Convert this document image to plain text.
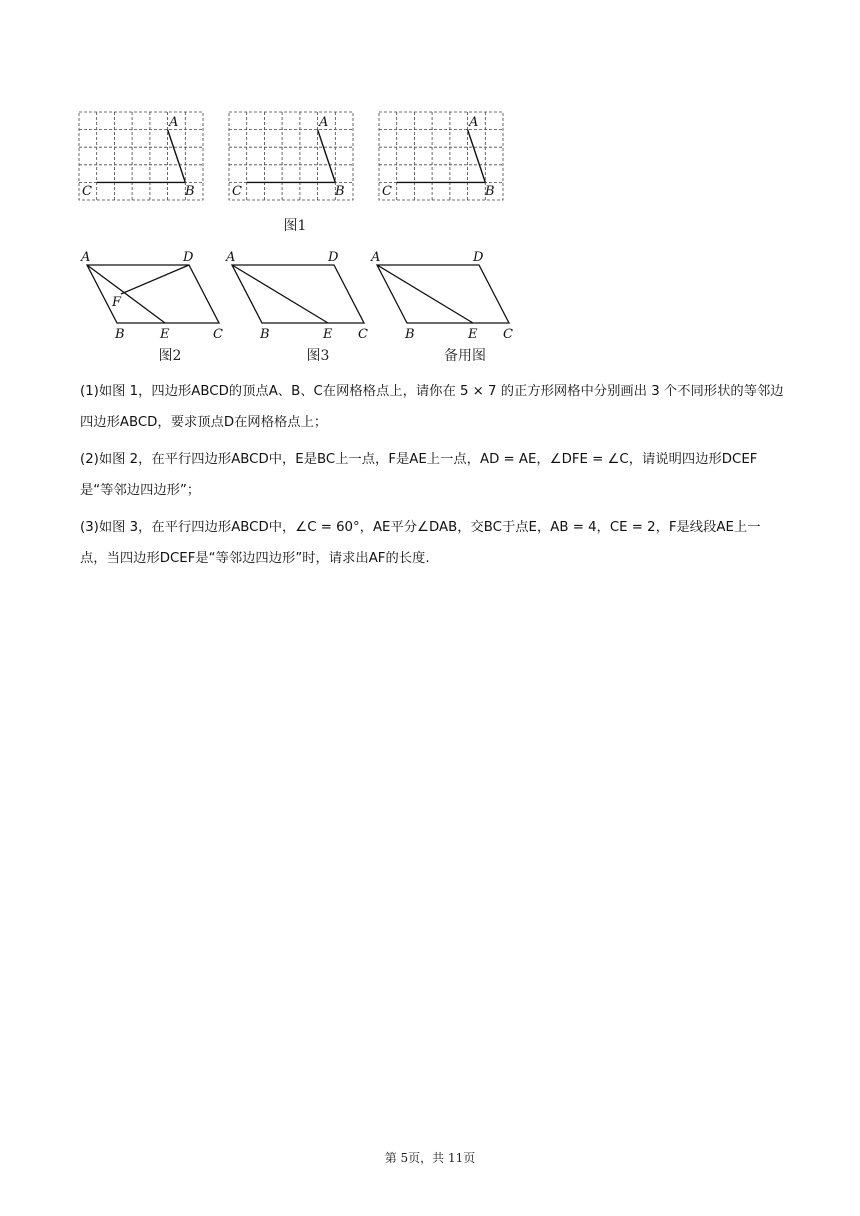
A
B
C
A
B
C
A
B
C
图1
A	D
F
B	E	C
图2
A	D
B	E C
图3
A	D
B	E C
备用图

(1)如图 1，四边形ABCD的顶点A、B、C在网格格点上，请你在 5 × 7 的正方形网格中分别画出 3 个不同形状的等邻边四边形ABCD，要求顶点D在网格格点上；

(2)如图 2，在平行四边形ABCD中，E是BC上一点，F是AE上一点，AD = AE，∠DFE = ∠C，请说明四边形DCEF是“等邻边四边形”；

(3)如图 3，在平行四边形ABCD中，∠C = 60°，AE平分∠DAB，交BC于点E，AB = 4，CE = 2，F是线段AE上一点，当四边形DCEF是“等邻边四边形”时，请求出AF的长度.

第 5页，共 11页
